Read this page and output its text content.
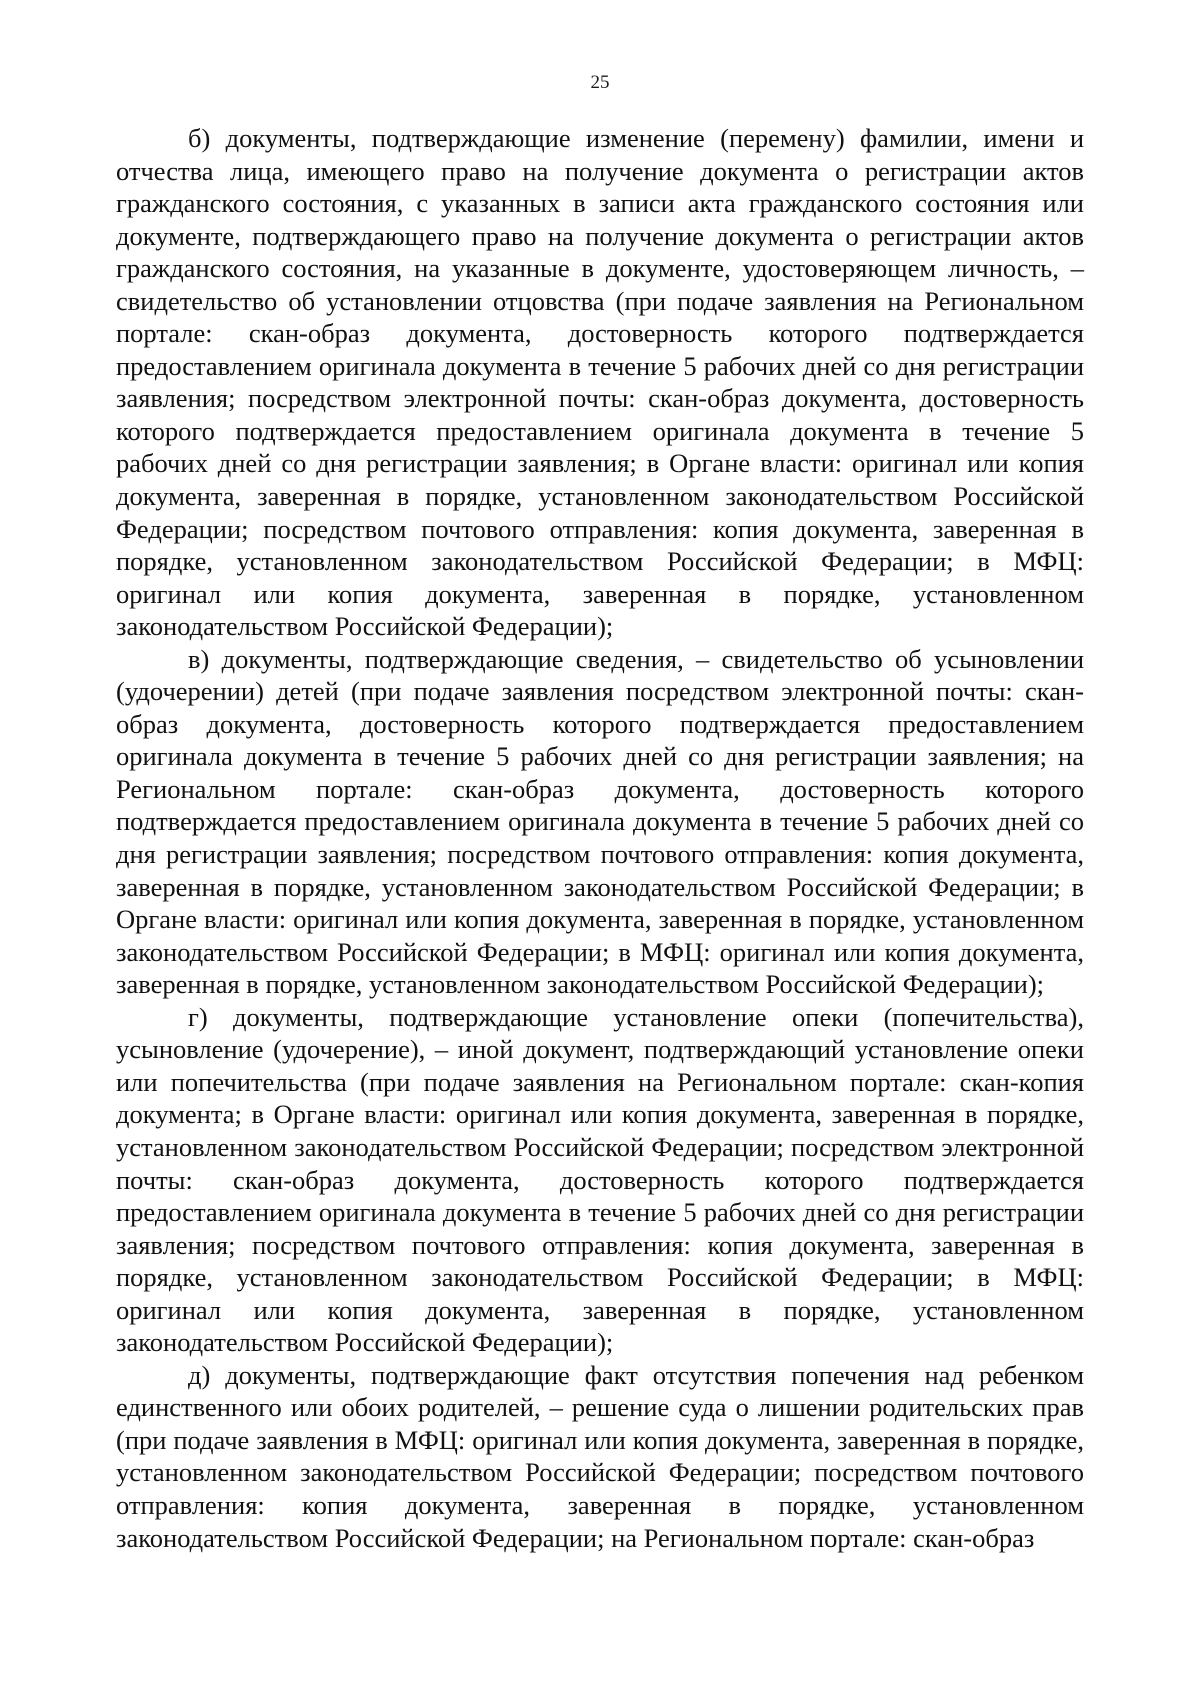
25

б) документы, подтверждающие изменение (перемену) фамилии, имени и отчества лица, имеющего право на получение документа о регистрации актов гражданского состояния, с указанных в записи акта гражданского состояния или документе, подтверждающего право на получение документа о регистрации актов гражданского состояния, на указанные в документе, удостоверяющем личность, – свидетельство об установлении отцовства (при подаче заявления на Региональном портале: скан-образ документа, достоверность которого подтверждается предоставлением оригинала документа в течение 5 рабочих дней со дня регистрации заявления; посредством электронной почты: скан-образ документа, достоверность которого подтверждается предоставлением оригинала документа в течение 5 рабочих дней со дня регистрации заявления; в Органе власти: оригинал или копия документа, заверенная в порядке, установленном законодательством Российской Федерации; посредством почтового отправления: копия документа, заверенная в порядке, установленном законодательством Российской Федерации; в МФЦ: оригинал или копия документа, заверенная в порядке, установленном законодательством Российской Федерации);

в) документы, подтверждающие сведения, – свидетельство об усыновлении (удочерении) детей (при подаче заявления посредством электронной почты: скан-образ документа, достоверность которого подтверждается предоставлением оригинала документа в течение 5 рабочих дней со дня регистрации заявления; на Региональном портале: скан-образ документа, достоверность которого подтверждается предоставлением оригинала документа в течение 5 рабочих дней со дня регистрации заявления; посредством почтового отправления: копия документа, заверенная в порядке, установленном законодательством Российской Федерации; в Органе власти: оригинал или копия документа, заверенная в порядке, установленном законодательством Российской Федерации; в МФЦ: оригинал или копия документа, заверенная в порядке, установленном законодательством Российской Федерации);

г) документы, подтверждающие установление опеки (попечительства), усыновление (удочерение), – иной документ, подтверждающий установление опеки или попечительства (при подаче заявления на Региональном портале: скан-копия документа; в Органе власти: оригинал или копия документа, заверенная в порядке, установленном законодательством Российской Федерации; посредством электронной почты: скан-образ документа, достоверность которого подтверждается предоставлением оригинала документа в течение 5 рабочих дней со дня регистрации заявления; посредством почтового отправления: копия документа, заверенная в порядке, установленном законодательством Российской Федерации; в МФЦ: оригинал или копия документа, заверенная в порядке, установленном законодательством Российской Федерации);

д) документы, подтверждающие факт отсутствия попечения над ребенком единственного или обоих родителей, – решение суда о лишении родительских прав (при подаче заявления в МФЦ: оригинал или копия документа, заверенная в порядке, установленном законодательством Российской Федерации; посредством почтового отправления: копия документа, заверенная в порядке, установленном законодательством Российской Федерации; на Региональном портале: скан-образ
